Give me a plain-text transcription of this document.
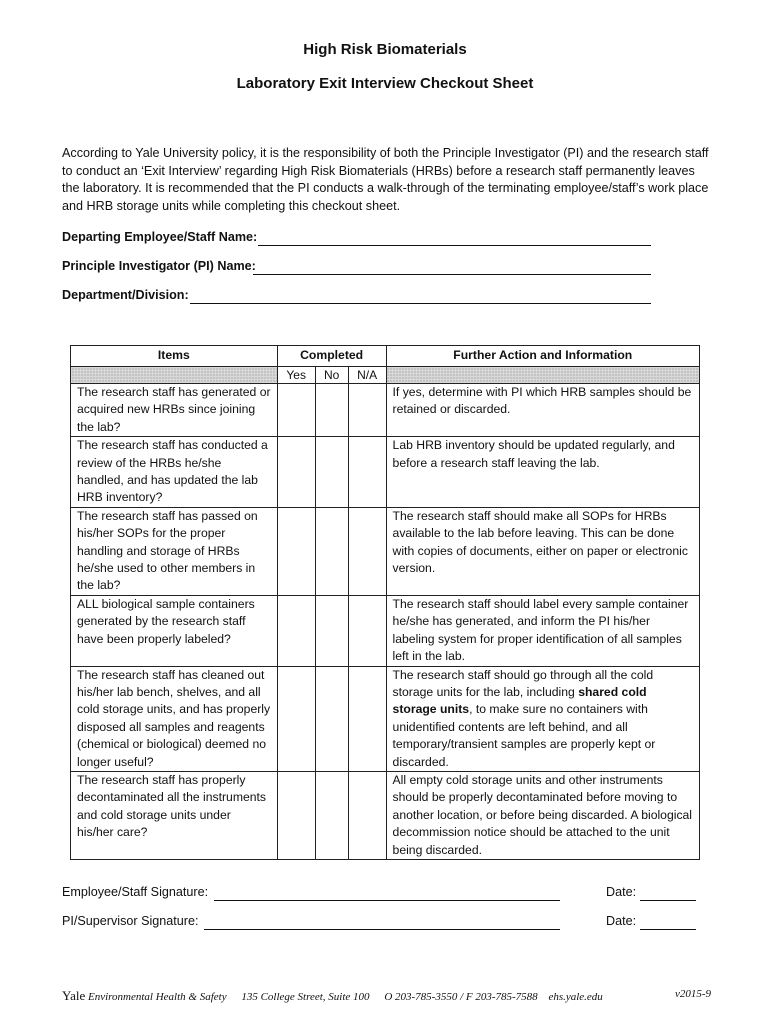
High Risk Biomaterials
Laboratory Exit Interview Checkout Sheet
According to Yale University policy, it is the responsibility of both the Principle Investigator (PI) and the research staff to conduct an ‘Exit Interview’ regarding High Risk Biomaterials (HRBs) before a research staff permanently leaves the laboratory. It is recommended that the PI conducts a walk-through of the terminating employee/staff’s work place and HRB storage units while completing this checkout sheet.
Departing Employee/Staff Name:
Principle Investigator (PI) Name:
Department/Division:
Items	Completed			Further Action and Information
	Yes	No	N/A	
The research staff has generated or acquired new HRBs since joining the lab?				If yes, determine with PI which HRB samples should be retained or discarded.
The research staff has conducted a review of the HRBs he/she handled, and has updated the lab HRB inventory?				Lab HRB inventory should be updated regularly, and before a research staff leaving the lab.
The research staff has passed on his/her SOPs for the proper handling and storage of HRBs he/she used to other members in the lab?				The research staff should make all SOPs for HRBs available to the lab before leaving. This can be done with copies of documents, either on paper or electronic version.
ALL biological sample containers generated by the research staff have been properly labeled?				The research staff should label every sample container he/she has generated, and inform the PI his/her labeling system for proper identification of all samples left in the lab.
The research staff has cleaned out his/her lab bench, shelves, and all cold storage units, and has properly disposed all samples and reagents (chemical or biological) deemed no longer useful?				The research staff should go through all the cold storage units for the lab, including shared cold storage units, to make sure no containers with unidentified contents are left behind, and all temporary/transient samples are properly kept or discarded.
The research staff has properly decontaminated all the instruments and cold storage units under his/her care?				All empty cold storage units and other instruments should be properly decontaminated before moving to another location, or before being discarded. A biological decommission notice should be attached to the unit being discarded.
Employee/Staff Signature:	Date:
PI/Supervisor Signature:	Date:
Yale Environmental Health & Safety 135 College Street, Suite 100 O 203-785-3550 / F 203-785-7588 ehs.yale.edu	v2015-9
